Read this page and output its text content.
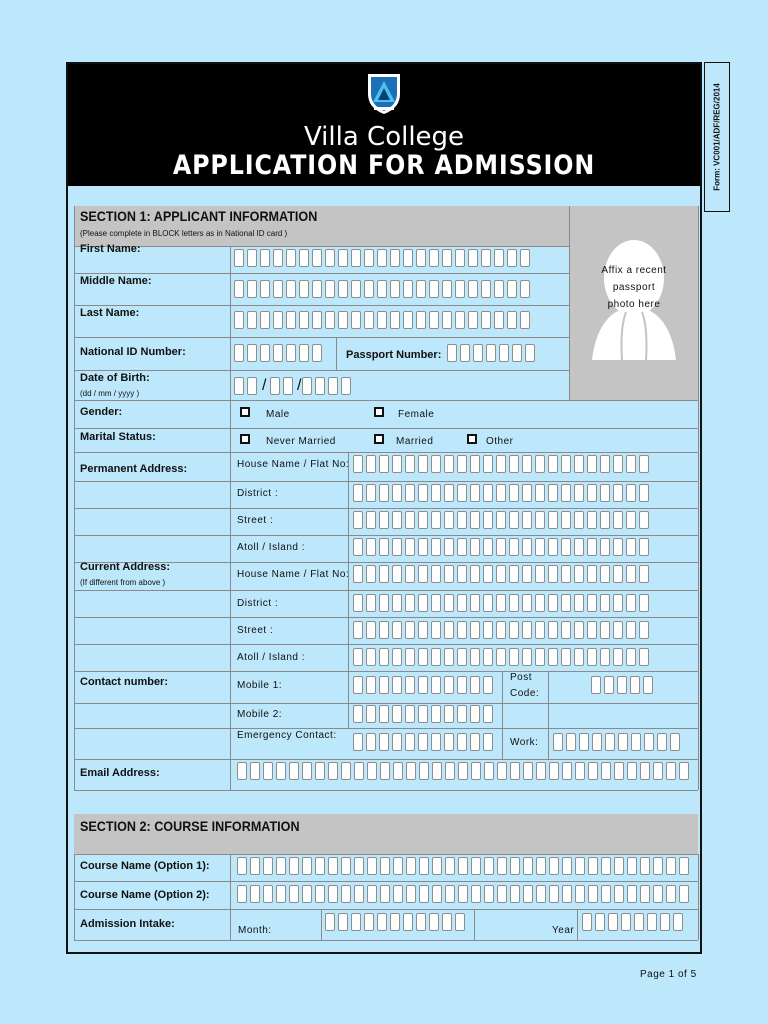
Villa College
APPLICATION FOR ADMISSION	Form: VC001/ADF/REG/2014
SECTION 1: APPLICANT INFORMATION
(Please complete in BLOCK letters as in National ID card )
Affix a recent
passport
photo here
First Name:
Middle Name:
Last Name:
National ID Number:	Passport Number:
Date of Birth:
(dd / mm / yyyy )	/ /
Gender:	Male	Female
Marital Status:	Never Married	Married	Other
Permanent Address:	House Name / Flat No:
District :
Street :
Atoll / Island :
Current Address:
(If different from above )
House Name / Flat No:
District :
Street :
Atoll / Island :
Contact number:	Mobile 1:
Post
Code:
Mobile 2:
Emergency Contact:
Work:
Email Address:
SECTION 2: COURSE INFORMATION
Course Name (Option 1):
Course Name (Option 2):
Admission Intake:
Month:	Year
Page 1 of 5
